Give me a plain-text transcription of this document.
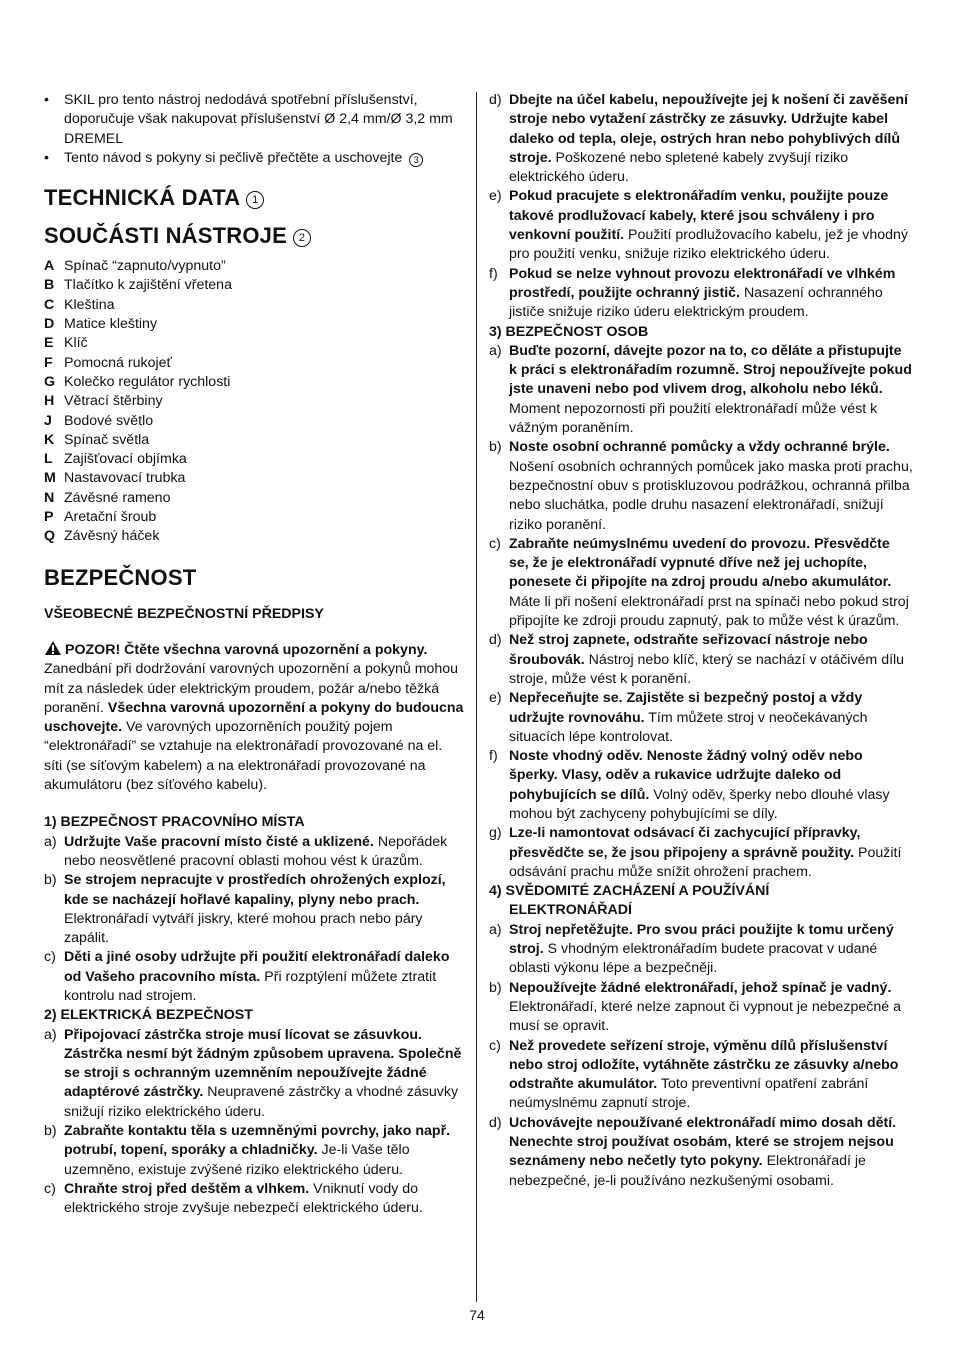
• SKIL pro tento nástroj nedodává spotřební příslušenství, doporučuje však nakupovat příslušenství Ø 2,4 mm/Ø 3,2 mm DREMEL
• Tento návod s pokyny si pečlivě přečtěte a uschovejte 3
TECHNICKÁ DATA 1
SOUČÁSTI NÁSTROJE 2
A Spínač “zapnuto/vypnuto”
B Tlačítko k zajištění vřetena
C Kleština
D Matice kleštiny
E Klíč
F Pomocná rukojeť
G Kolečko regulátor rychlosti
H Větrací štěrbiny
J Bodové světlo
K Spínač světla
L Zajišťovací objímka
M Nastavovací trubka
N Závěsné rameno
P Aretační šroub
Q Závěsný háček
BEZPEČNOST
VŠEOBECNÉ BEZPEČNOSTNÍ PŘEDPISY
POZOR! Čtěte všechna varovná upozornění a pokyny. Zanedbání při dodržování varovných upozornění a pokynů mohou mít za následek úder elektrickým proudem, požár a/nebo těžká poranění. Všechna varovná upozornění a pokyny do budoucna uschovejte. Ve varovných upozorněních použitý pojem “elektronářadí” se vztahuje na elektronářadí provozované na el. síti (se síťovým kabelem) a na elektronářadí provozované na akumulátoru (bez síťového kabelu).
1) BEZPEČNOST PRACOVNÍHO MÍSTA
a) Udržujte Vaše pracovní místo čisté a uklizené. Nepořádek nebo neosvětlené pracovní oblasti mohou vést k úrazům.
b) Se strojem nepracujte v prostředích ohrožených explozí, kde se nacházejí hořlavé kapaliny, plyny nebo prach. Elektronářadí vytváří jiskry, které mohou prach nebo páry zapálit.
c) Děti a jiné osoby udržujte při použití elektronářadí daleko od Vašeho pracovního místa. Při rozptýlení můžete ztratit kontrolu nad strojem.
2) ELEKTRICKÁ BEZPEČNOST
a) Připojovací zástrčka stroje musí lícovat se zásuvkou. Zástrčka nesmí být žádným způsobem upravena. Společně se stroji s ochranným uzemněním nepoužívejte žádné adaptérové zástrčky. Neupravené zástrčky a vhodné zásuvky snižují riziko elektrického úderu.
b) Zabraňte kontaktu těla s uzemněnými povrchy, jako např. potrubí, topení, sporáky a chladničky. Je-li Vaše tělo uzemněno, existuje zvýšené riziko elektrického úderu.
c) Chraňte stroj před deštěm a vlhkem. Vniknutí vody do elektrického stroje zvyšuje nebezpečí elektrického úderu.
d) Dbejte na účel kabelu, nepoužívejte jej k nošení či zavěšení stroje nebo vytažení zástrčky ze zásuvky. Udržujte kabel daleko od tepla, oleje, ostrých hran nebo pohyblivých dílů stroje. Poškozené nebo spletené kabely zvyšují riziko elektrického úderu.
e) Pokud pracujete s elektronářadím venku, použijte pouze takové prodlužovací kabely, které jsou schváleny i pro venkovní použití. Použití prodlužovacího kabelu, jež je vhodný pro použití venku, snižuje riziko elektrického úderu.
f) Pokud se nelze vyhnout provozu elektronářadí ve vlhkém prostředí, použijte ochranný jistič. Nasazení ochranného jističe snižuje riziko úderu elektrickým proudem.
3) BEZPEČNOST OSOB
a) Buďte pozorní, dávejte pozor na to, co děláte a přistupujte k práci s elektronářadím rozumně. Stroj nepoužívejte pokud jste unaveni nebo pod vlivem drog, alkoholu nebo léků. Moment nepozornosti při použití elektronářadí může vést k vážným poraněním.
b) Noste osobní ochranné pomůcky a vždy ochranné brýle. Nošení osobních ochranných pomůcek jako maska proti prachu, bezpečnostní obuv s protiskluzovou podrážkou, ochranná přilba nebo sluchátka, podle druhu nasazení elektronářadí, snižují riziko poranění.
c) Zabraňte neúmyslnému uvedení do provozu. Přesvědčte se, že je elektronářadí vypnuté dříve než jej uchopíte, ponesete či připojíte na zdroj proudu a/nebo akumulátor. Máte li při nošení elektronářadí prst na spínači nebo pokud stroj připojíte ke zdroji proudu zapnutý, pak to může vést k úrazům.
d) Než stroj zapnete, odstraňte seřizovací nástroje nebo šroubovák. Nástroj nebo klíč, který se nachází v otáčivém dílu stroje, může vést k poranění.
e) Nepřeceňujte se. Zajistěte si bezpečný postoj a vždy udržujte rovnováhu. Tím můžete stroj v neočekávaných situacích lépe kontrolovat.
f) Noste vhodný oděv. Nenoste žádný volný oděv nebo šperky. Vlasy, oděv a rukavice udržujte daleko od pohybujících se dílů. Volný oděv, šperky nebo dlouhé vlasy mohou být zachyceny pohybujícími se díly.
g) Lze-li namontovat odsávací či zachycující přípravky, přesvědčte se, že jsou připojeny a správně použity. Použití odsávání prachu může snížit ohrožení prachem.
4) SVĚDOMITÉ ZACHÁZENÍ A POUŽÍVÁNÍ
ELEKTRONÁŘADÍ
a) Stroj nepřetěžujte. Pro svou práci použijte k tomu určený stroj. S vhodným elektronářadím budete pracovat v udané oblasti výkonu lépe a bezpečněji.
b) Nepoužívejte žádné elektronářadí, jehož spínač je vadný. Elektronářadí, které nelze zapnout či vypnout je nebezpečné a musí se opravit.
c) Než provedete seřízení stroje, výměnu dílů příslušenství nebo stroj odložíte, vytáhněte zástrčku ze zásuvky a/nebo odstraňte akumulátor. Toto preventivní opatření zabrání neúmyslnému zapnutí stroje.
d) Uchovávejte nepoužívané elektronářadí mimo dosah dětí. Nenechte stroj používat osobám, které se strojem nejsou seznámeny nebo nečetly tyto pokyny. Elektronářadí je nebezpečné, je-li používáno nezkušenými osobami.
74
